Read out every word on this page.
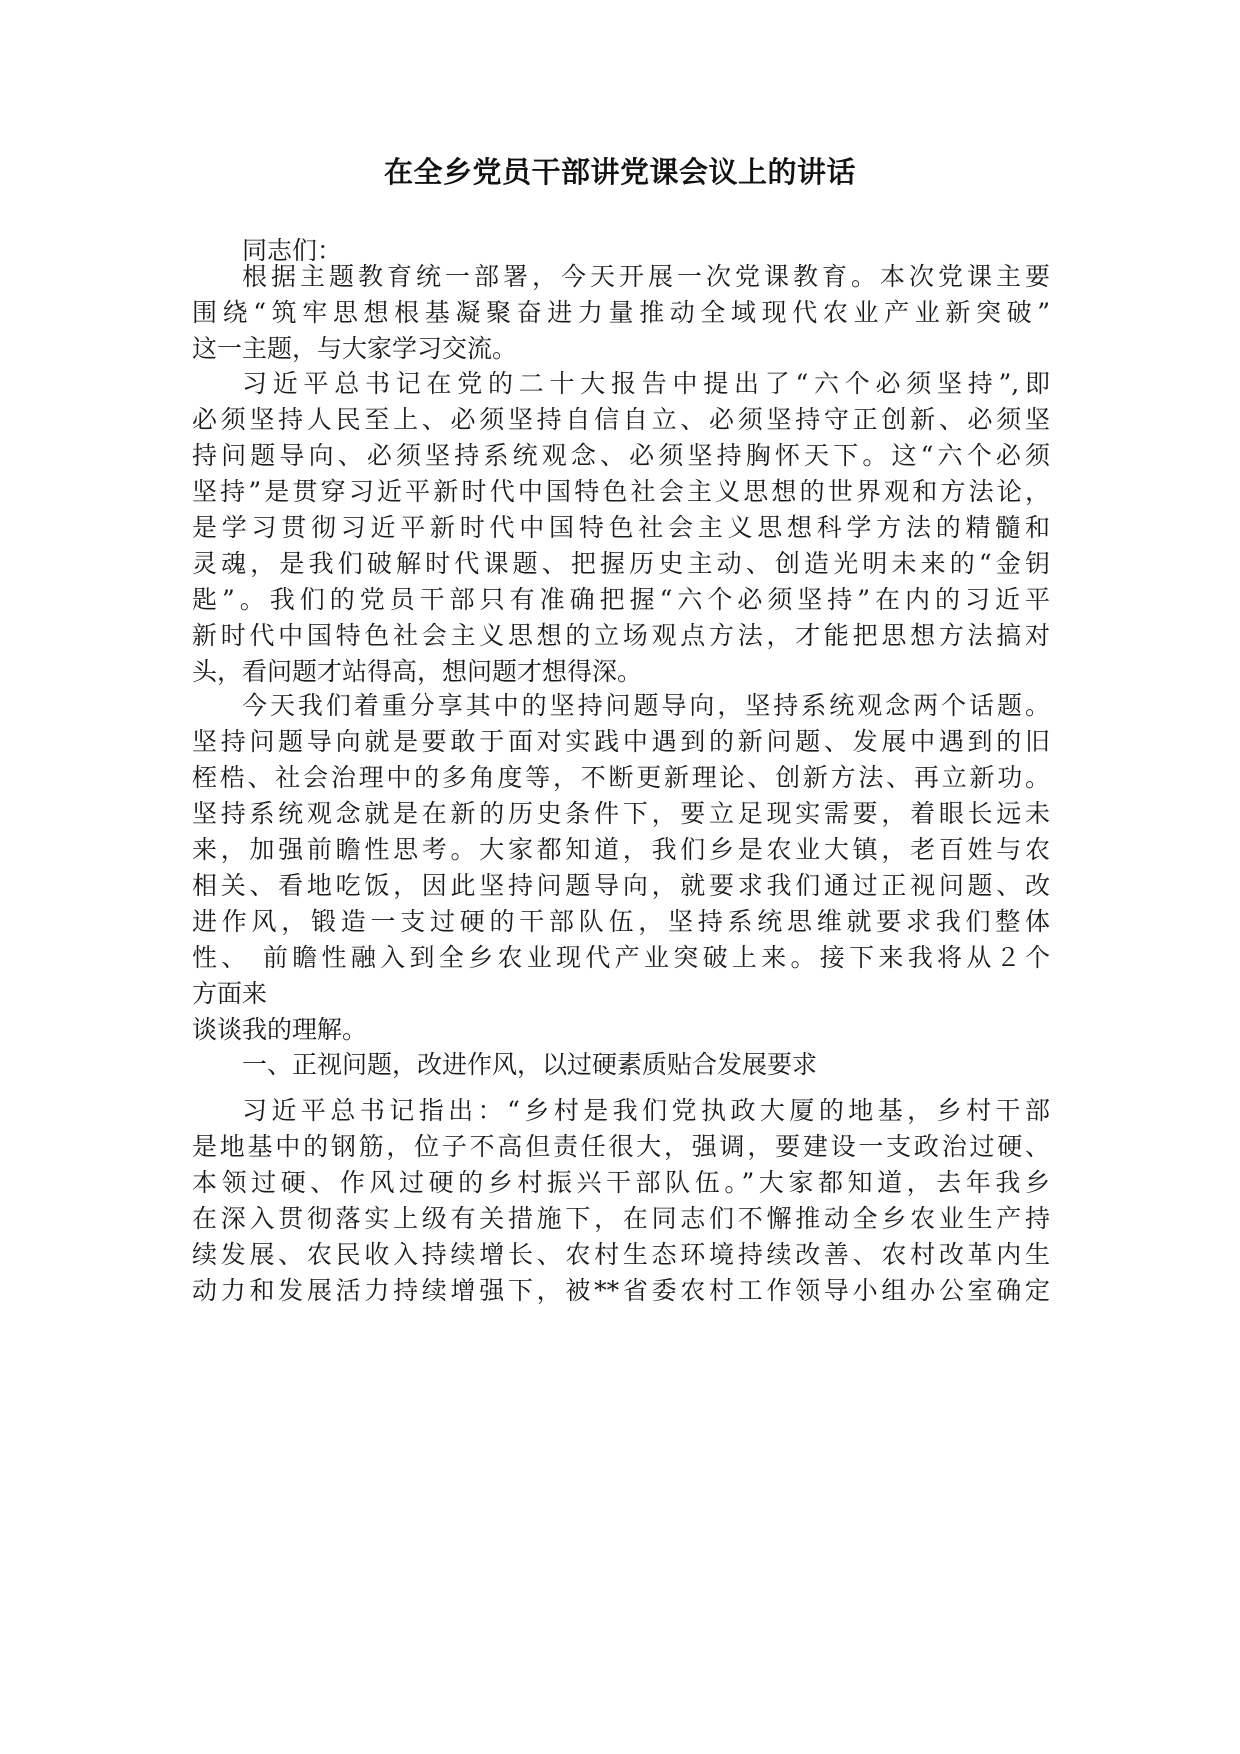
在全乡党员干部讲党课会议上的讲话
同志们：
根据主题教育统一部署，今天开展一次党课教育。本次党课主要
围绕“筑牢思想根基凝聚奋进力量推动全域现代农业产业新突破”
这一主题，与大家学习交流。
习近平总书记在党的二十大报告中提出了“六个必须坚持”,即
必须坚持人民至上、必须坚持自信自立、必须坚持守正创新、必须坚
持问题导向、必须坚持系统观念、必须坚持胸怀天下。这“六个必须
坚持”是贯穿习近平新时代中国特色社会主义思想的世界观和方法论，
是学习贯彻习近平新时代中国特色社会主义思想科学方法的精髓和
灵魂，是我们破解时代课题、把握历史主动、创造光明未来的“金钥
匙”。我们的党员干部只有准确把握“六个必须坚持”在内的习近平
新时代中国特色社会主义思想的立场观点方法，才能把思想方法搞对
头，看问题才站得高，想问题才想得深。
今天我们着重分享其中的坚持问题导向，坚持系统观念两个话题。
坚持问题导向就是要敢于面对实践中遇到的新问题、发展中遇到的旧
桎梏、社会治理中的多角度等，不断更新理论、创新方法、再立新功。
坚持系统观念就是在新的历史条件下，要立足现实需要，着眼长远未
来，加强前瞻性思考。大家都知道，我们乡是农业大镇，老百姓与农
相关、看地吃饭，因此坚持问题导向，就要求我们通过正视问题、改
进作风，锻造一支过硬的干部队伍，坚持系统思维就要求我们整体
性、 前瞻性融入到全乡农业现代产业突破上来。接下来我将从２个
方面来
谈谈我的理解。
一、正视问题，改进作风，以过硬素质贴合发展要求
习近平总书记指出：“乡村是我们党执政大厦的地基，乡村干部
是地基中的钢筋，位子不高但责任很大，强调，要建设一支政治过硬、
本领过硬、作风过硬的乡村振兴干部队伍。”大家都知道，去年我乡
在深入贯彻落实上级有关措施下，在同志们不懈推动全乡农业生产持
续发展、农民收入持续增长、农村生态环境持续改善、农村改革内生
动力和发展活力持续增强下，被**省委农村工作领导小组办公室确定
